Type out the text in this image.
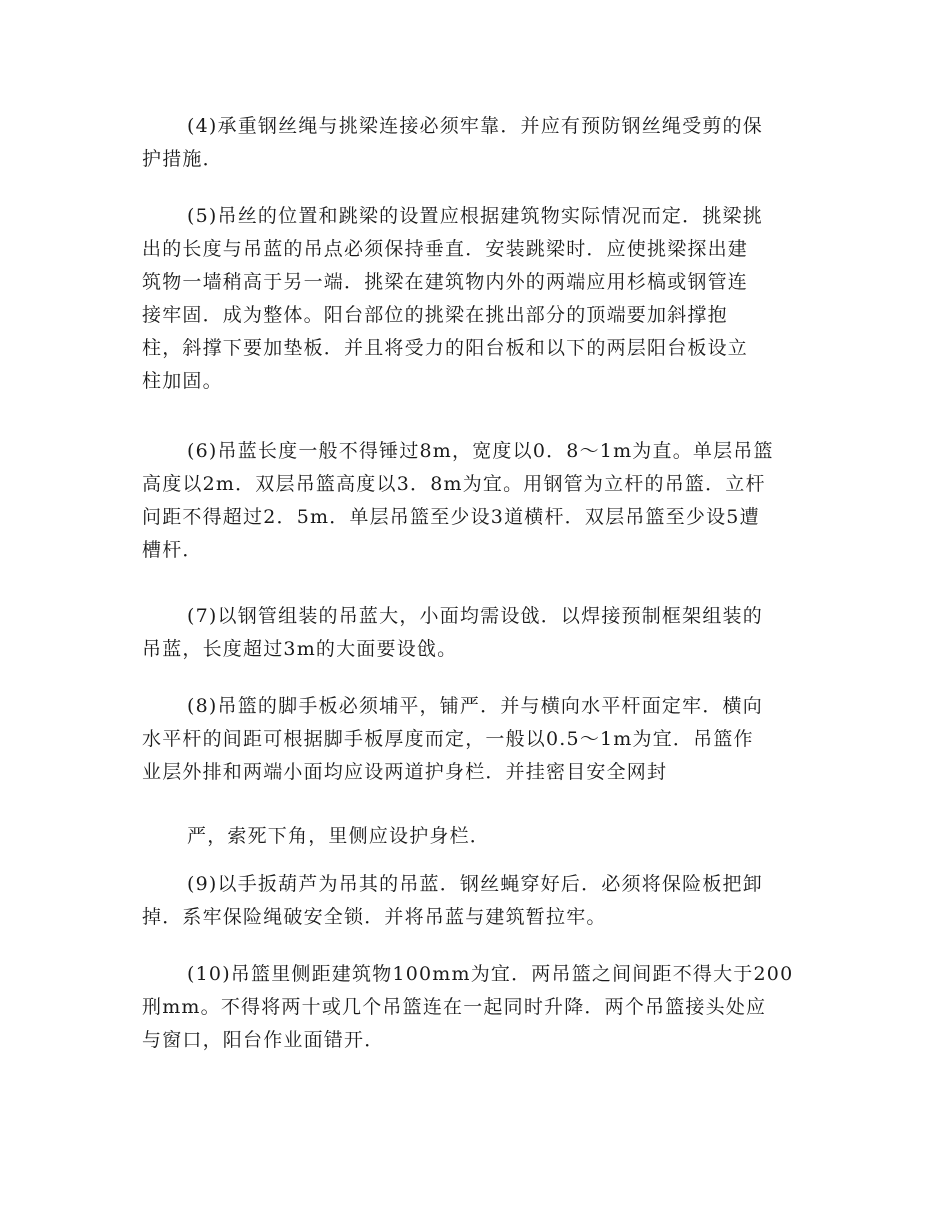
(4)承重钢丝绳与挑梁连接必须牢靠．并应有预防钢丝绳受剪的保
护措施．

(5)吊丝的位置和跳梁的设置应根据建筑物实际情况而定．挑梁挑
出的长度与吊蓝的吊点必须保持垂直．安装跳梁时．应使挑梁探出建
筑物一墙稍高于另一端．挑梁在建筑物内外的两端应用杉槁或钢管连
接牢固．成为整体。阳台部位的挑梁在挑出部分的顶端要加斜撑抱
柱，斜撑下要加垫板．并且将受力的阳台板和以下的两层阳台板设立
柱加固。

(6)吊蓝长度一般不得锤过8m，宽度以0．8～1m为直。单层吊篮
高度以2m．双层吊篮高度以3．8m为宜。用钢管为立杆的吊篮．立杆
问距不得超过2．5m．单层吊篮至少设3道横杆．双层吊篮至少设5遭
槽杆．

(7)以钢管组装的吊蓝大，小面均需设戗．以焊接预制框架组装的
吊蓝，长度超过3m的大面要设戗。

(8)吊篮的脚手板必须埔平，铺严．并与横向水平杆面定牢．横向
水平杆的间距可根据脚手板厚度而定，一般以0.5～1m为宜．吊篮作
业层外排和两端小面均应设两道护身栏．并挂密目安全网封

严，索死下角，里侧应设护身栏．

(9)以手扳葫芦为吊其的吊蓝．钢丝蝇穿好后．必须将保险板把卸
掉．系牢保险绳破安全锁．并将吊蓝与建筑暂拉牢。

(10)吊篮里侧距建筑物100mm为宜．两吊篮之间间距不得大于200
刑mm。不得将两十或几个吊篮连在一起同时升降．两个吊篮接头处应
与窗口，阳台作业面错开．
